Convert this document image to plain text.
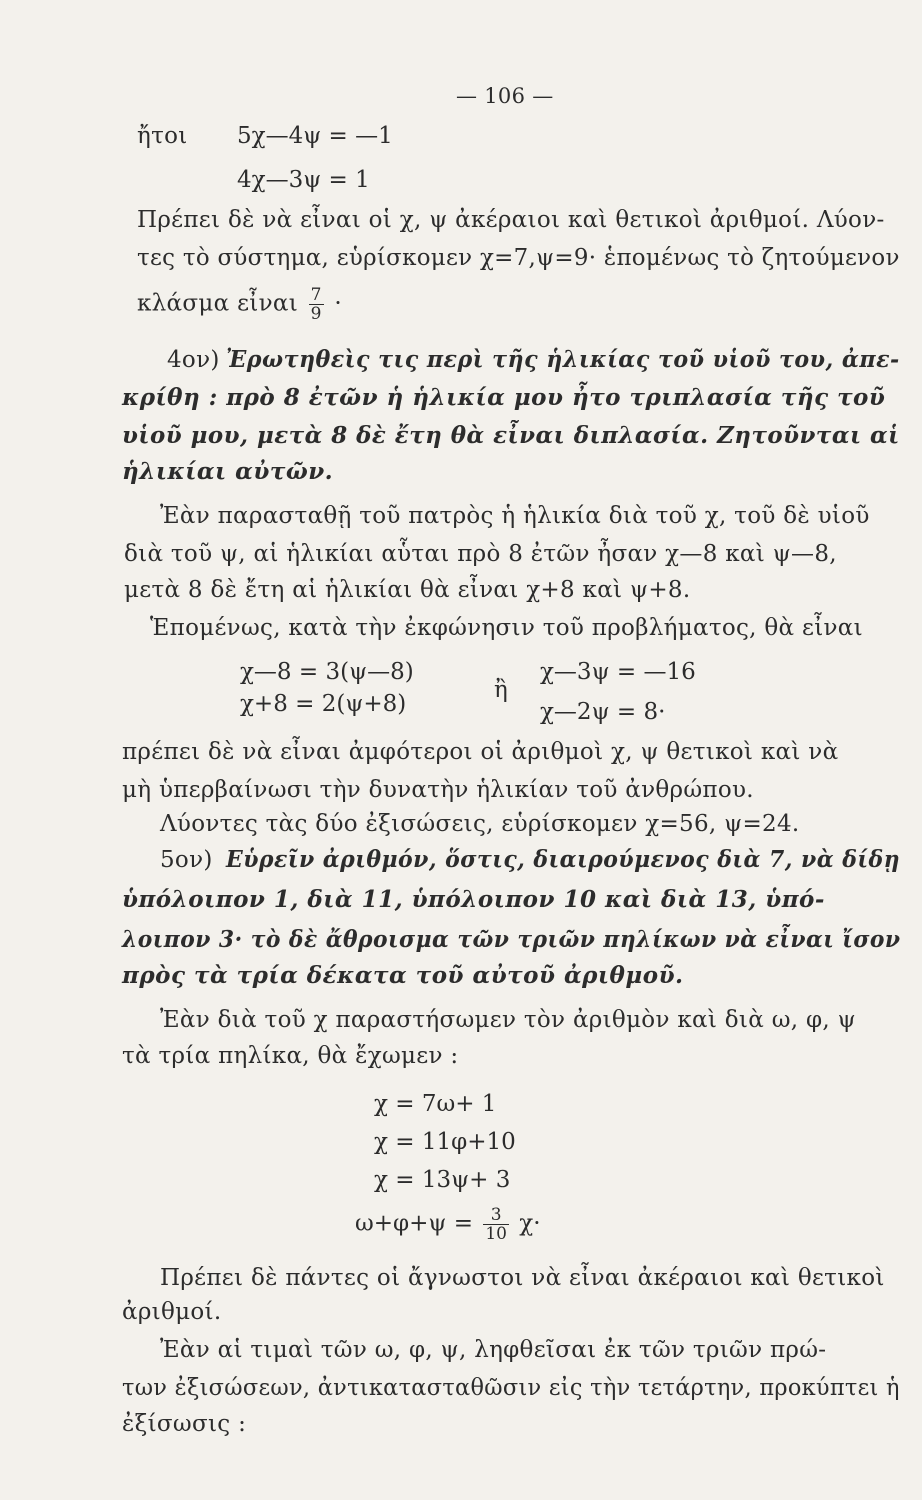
— 106 —
ἤτοι 5χ—4ψ = —1
4χ—3ψ = 1
Πρέπει δὲ νὰ εἶναι οἱ χ, ψ ἀκέραιοι καὶ θετικοὶ ἀριθμοί. Λύον-
τες τὸ σύστημα, εὑρίσκομεν χ=7,ψ=9· ἑπομένως τὸ ζητούμενον
κλάσμα εἶναι $\frac{7}{9}$ ·
4ον) Ἐρωτηθεὶς τις περὶ τῆς ἡλικίας τοῦ υἱοῦ του, ἀπε-
κρίθη : πρὸ 8 ἐτῶν ἡ ἡλικία μου ἦτο τριπλασία τῆς τοῦ
υἱοῦ μου, μετὰ 8 δὲ ἔτη θὰ εἶναι διπλασία. Ζητοῦνται αἱ
ἡλικίαι αὐτῶν.
Ἐὰν παρασταθῇ τοῦ πατρὸς ἡ ἡλικία διὰ τοῦ χ, τοῦ δὲ υἱοῦ
διὰ τοῦ ψ, αἱ ἡλικίαι αὗται πρὸ 8 ἐτῶν ἦσαν χ—8 καὶ ψ—8,
μετὰ 8 δὲ ἔτη αἱ ἡλικίαι θὰ εἶναι χ+8 καὶ ψ+8.
Ἑπομένως, κατὰ τὴν ἐκφώνησιν τοῦ προβλήματος, θὰ εἶναι
χ—8 = 3(ψ—8)
χ+8 = 2(ψ+8)
ἢ
χ—3ψ = —16
χ—2ψ = 8·
πρέπει δὲ νὰ εἶναι ἀμφότεροι οἱ ἀριθμοὶ χ, ψ θετικοὶ καὶ νὰ
μὴ ὑπερβαίνωσι τὴν δυνατὴν ἡλικίαν τοῦ ἀνθρώπου.
Λύοντες τὰς δύο ἐξισώσεις, εὑρίσκομεν χ=56, ψ=24.
5ον) Εὑρεῖν ἀριθμόν, ὅστις, διαιρούμενος διὰ 7, νὰ δίδῃ
ὑπόλοιπον 1, διὰ 11, ὑπόλοιπον 10 καὶ διὰ 13, ὑπό-
λοιπον 3· τὸ δὲ ἄθροισμα τῶν τριῶν πηλίκων νὰ εἶναι ἴσον
πρὸς τὰ τρία δέκατα τοῦ αὐτοῦ ἀριθμοῦ.
Ἐὰν διὰ τοῦ χ παραστήσωμεν τὸν ἀριθμὸν καὶ διὰ ω, φ, ψ
τὰ τρία πηλίκα, θὰ ἔχωμεν :
χ = 7ω+ 1
χ = 11φ+10
χ = 13ψ+ 3
$\omega+\varphi+\psi = \frac{3}{10} \chi\cdot$
Πρέπει δὲ πάντες οἱ ἄγνωστοι νὰ εἶναι ἀκέραιοι καὶ θετικοὶ
ἀριθμοί.
Ἐὰν αἱ τιμαὶ τῶν ω, φ, ψ, ληφθεῖσαι ἐκ τῶν τριῶν πρώ-
των ἐξισώσεων, ἀντικατασταθῶσιν εἰς τὴν τετάρτην, προκύπτει ἡ
ἐξίσωσις :
